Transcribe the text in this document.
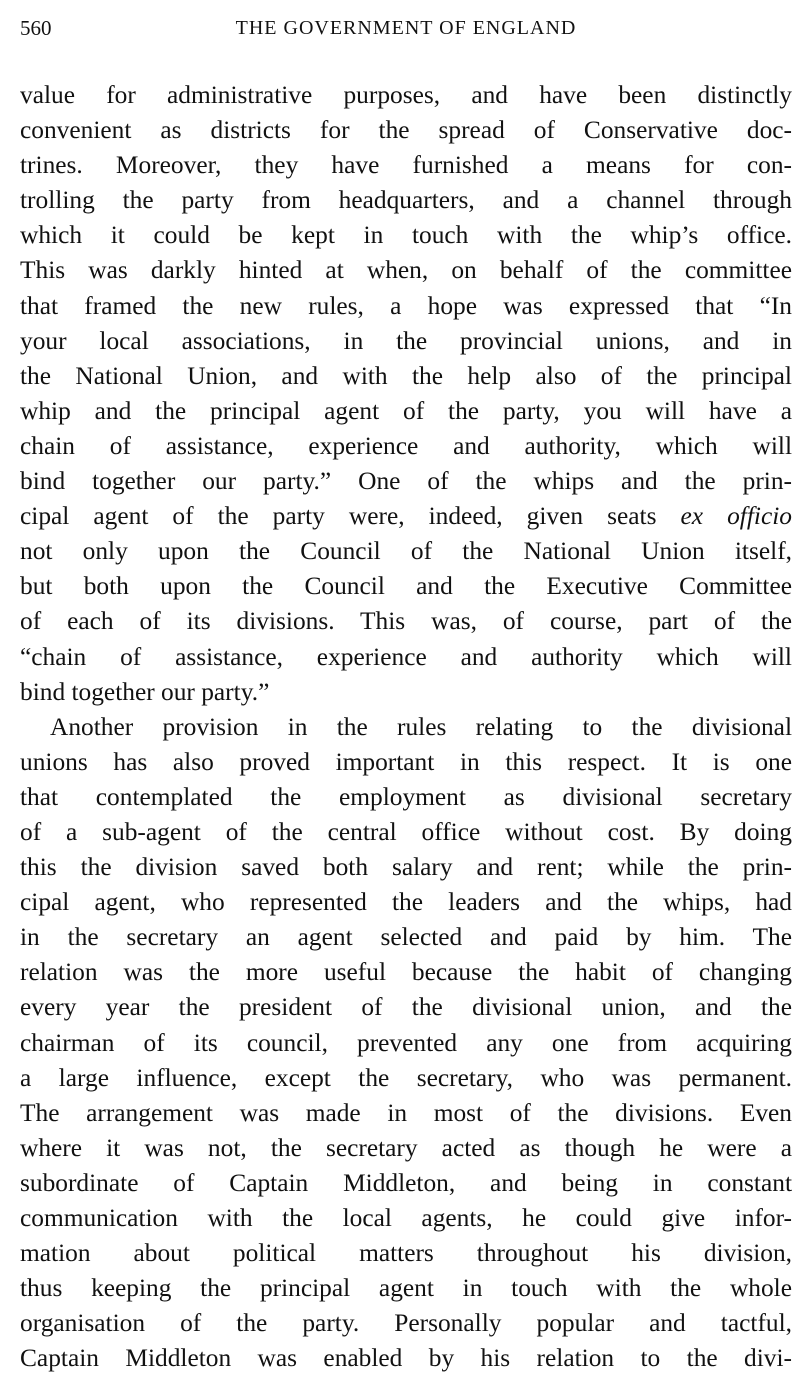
560	THE GOVERNMENT OF ENGLAND
value for administrative purposes, and have been distinctly
convenient as districts for the spread of Conservative doc-
trines. Moreover, they have furnished a means for con-
trolling the party from headquarters, and a channel through
which it could be kept in touch with the whip’s office.
This was darkly hinted at when, on behalf of the committee
that framed the new rules, a hope was expressed that “In
your local associations, in the provincial unions, and in
the National Union, and with the help also of the principal
whip and the principal agent of the party, you will have a
chain of assistance, experience and authority, which will
bind together our party.” One of the whips and the prin-
cipal agent of the party were, indeed, given seats ex officio
not only upon the Council of the National Union itself,
but both upon the Council and the Executive Committee
of each of its divisions. This was, of course, part of the
“chain of assistance, experience and authority which will
bind together our party.”
Another provision in the rules relating to the divisional
unions has also proved important in this respect. It is one
that contemplated the employment as divisional secretary
of a sub-agent of the central office without cost. By doing
this the division saved both salary and rent; while the prin-
cipal agent, who represented the leaders and the whips, had
in the secretary an agent selected and paid by him. The
relation was the more useful because the habit of changing
every year the president of the divisional union, and the
chairman of its council, prevented any one from acquiring
a large influence, except the secretary, who was permanent.
The arrangement was made in most of the divisions. Even
where it was not, the secretary acted as though he were a
subordinate of Captain Middleton, and being in constant
communication with the local agents, he could give infor-
mation about political matters throughout his division,
thus keeping the principal agent in touch with the whole
organisation of the party. Personally popular and tactful,
Captain Middleton was enabled by his relation to the divi-
